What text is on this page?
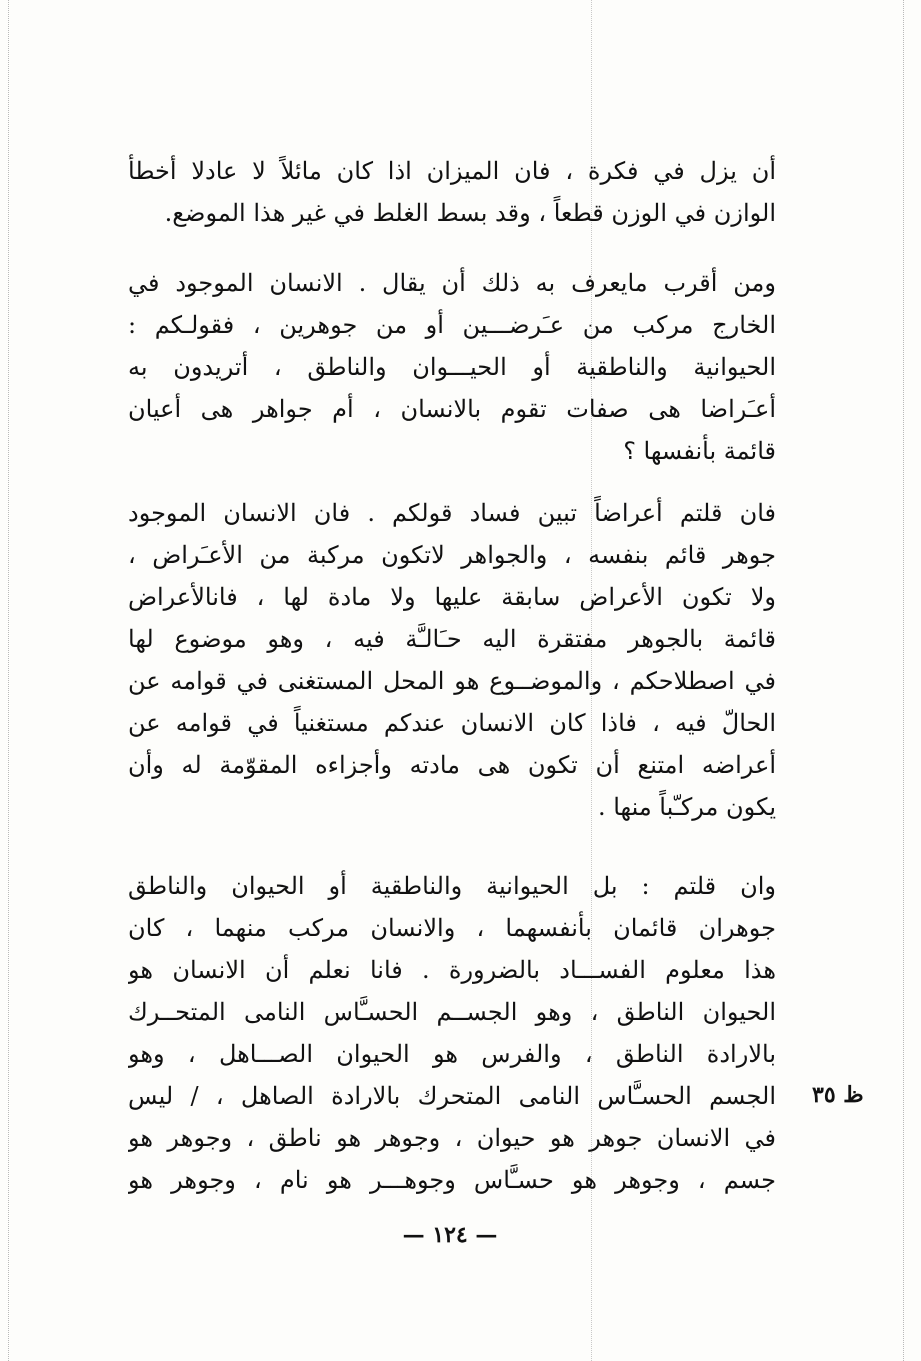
أن يزل في فكرة ، فان الميزان اذا كان مائلاً لا عادلا أخطأ
الوازن في الوزن قطعاً ، وقد بسط الغلط في غير هذا الموضع.

ومن أقرب مايعرف به ذلك أن يقال . الانسان الموجود في
الخارج مركب من عـَرضـــين أو من جوهرين ، فقولـكم :
الحيوانية والناطقية أو الحيـــوان والناطق ، أتريدون به
أعـَراضا هى صفات تقوم بالانسان ، أم جواهر هى أعيان
قائمة بأنفسها ؟

فان قلتم أعراضاً تبين فساد قولكم . فان الانسان الموجود
جوهر قائم بنفسه ، والجواهر لاتكون مركبة من الأعـَراض ،
ولا تكون الأعراض سابقة عليها ولا مادة لها ، فانالأعراض
قائمة بالجوهر مفتقرة اليه حـَالـَّة فيه ، وهو موضوع لها
في اصطلاحكم ، والموضــوع هو المحل المستغنى في قوامه عن
الحالّ فيه ، فاذا كان الانسان عندكم مستغنياً في قوامه عن
أعراضه امتنع أن تكون هى مادته وأجزاءه المقوّمة له وأن
يكون مركـّباً منها .

وان قلتم : بل الحيوانية والناطقية أو الحيوان والناطق
جوهران قائمان بأنفسهما ، والانسان مركب منهما ، كان
هذا معلوم الفســـاد بالضرورة . فانا نعلم أن الانسان هو
الحيوان الناطق ، وهو الجســم الحسـَّاس النامى المتحــرك
بالارادة الناطق ، والفرس هو الحيوان الصـــاهل ، وهو
الجسم الحسـَّاس النامى المتحرك بالارادة الصاهل ، / ليس
في الانسان جوهر هو حيوان ، وجوهر هو ناطق ، وجوهر هو
جسم ، وجوهر هو حسـَّاس وجوهـــر هو نام ، وجوهر هو

ظ ٣٥
— ١٢٤ —
